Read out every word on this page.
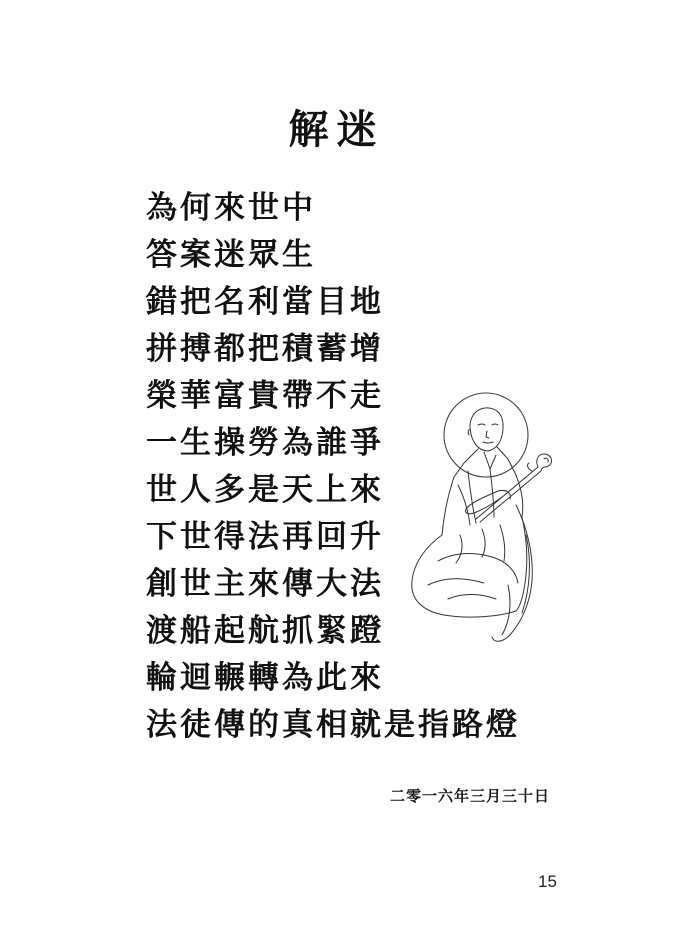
解迷
為何來世中
答案迷眾生
錯把名利當目地
拼搏都把積蓄增
榮華富貴帶不走
一生操勞為誰爭
世人多是天上來
下世得法再回升
創世主來傳大法
渡船起航抓緊蹬
輪迴輾轉為此來
法徒傳的真相就是指路燈
二零一六年三月三十日
15
